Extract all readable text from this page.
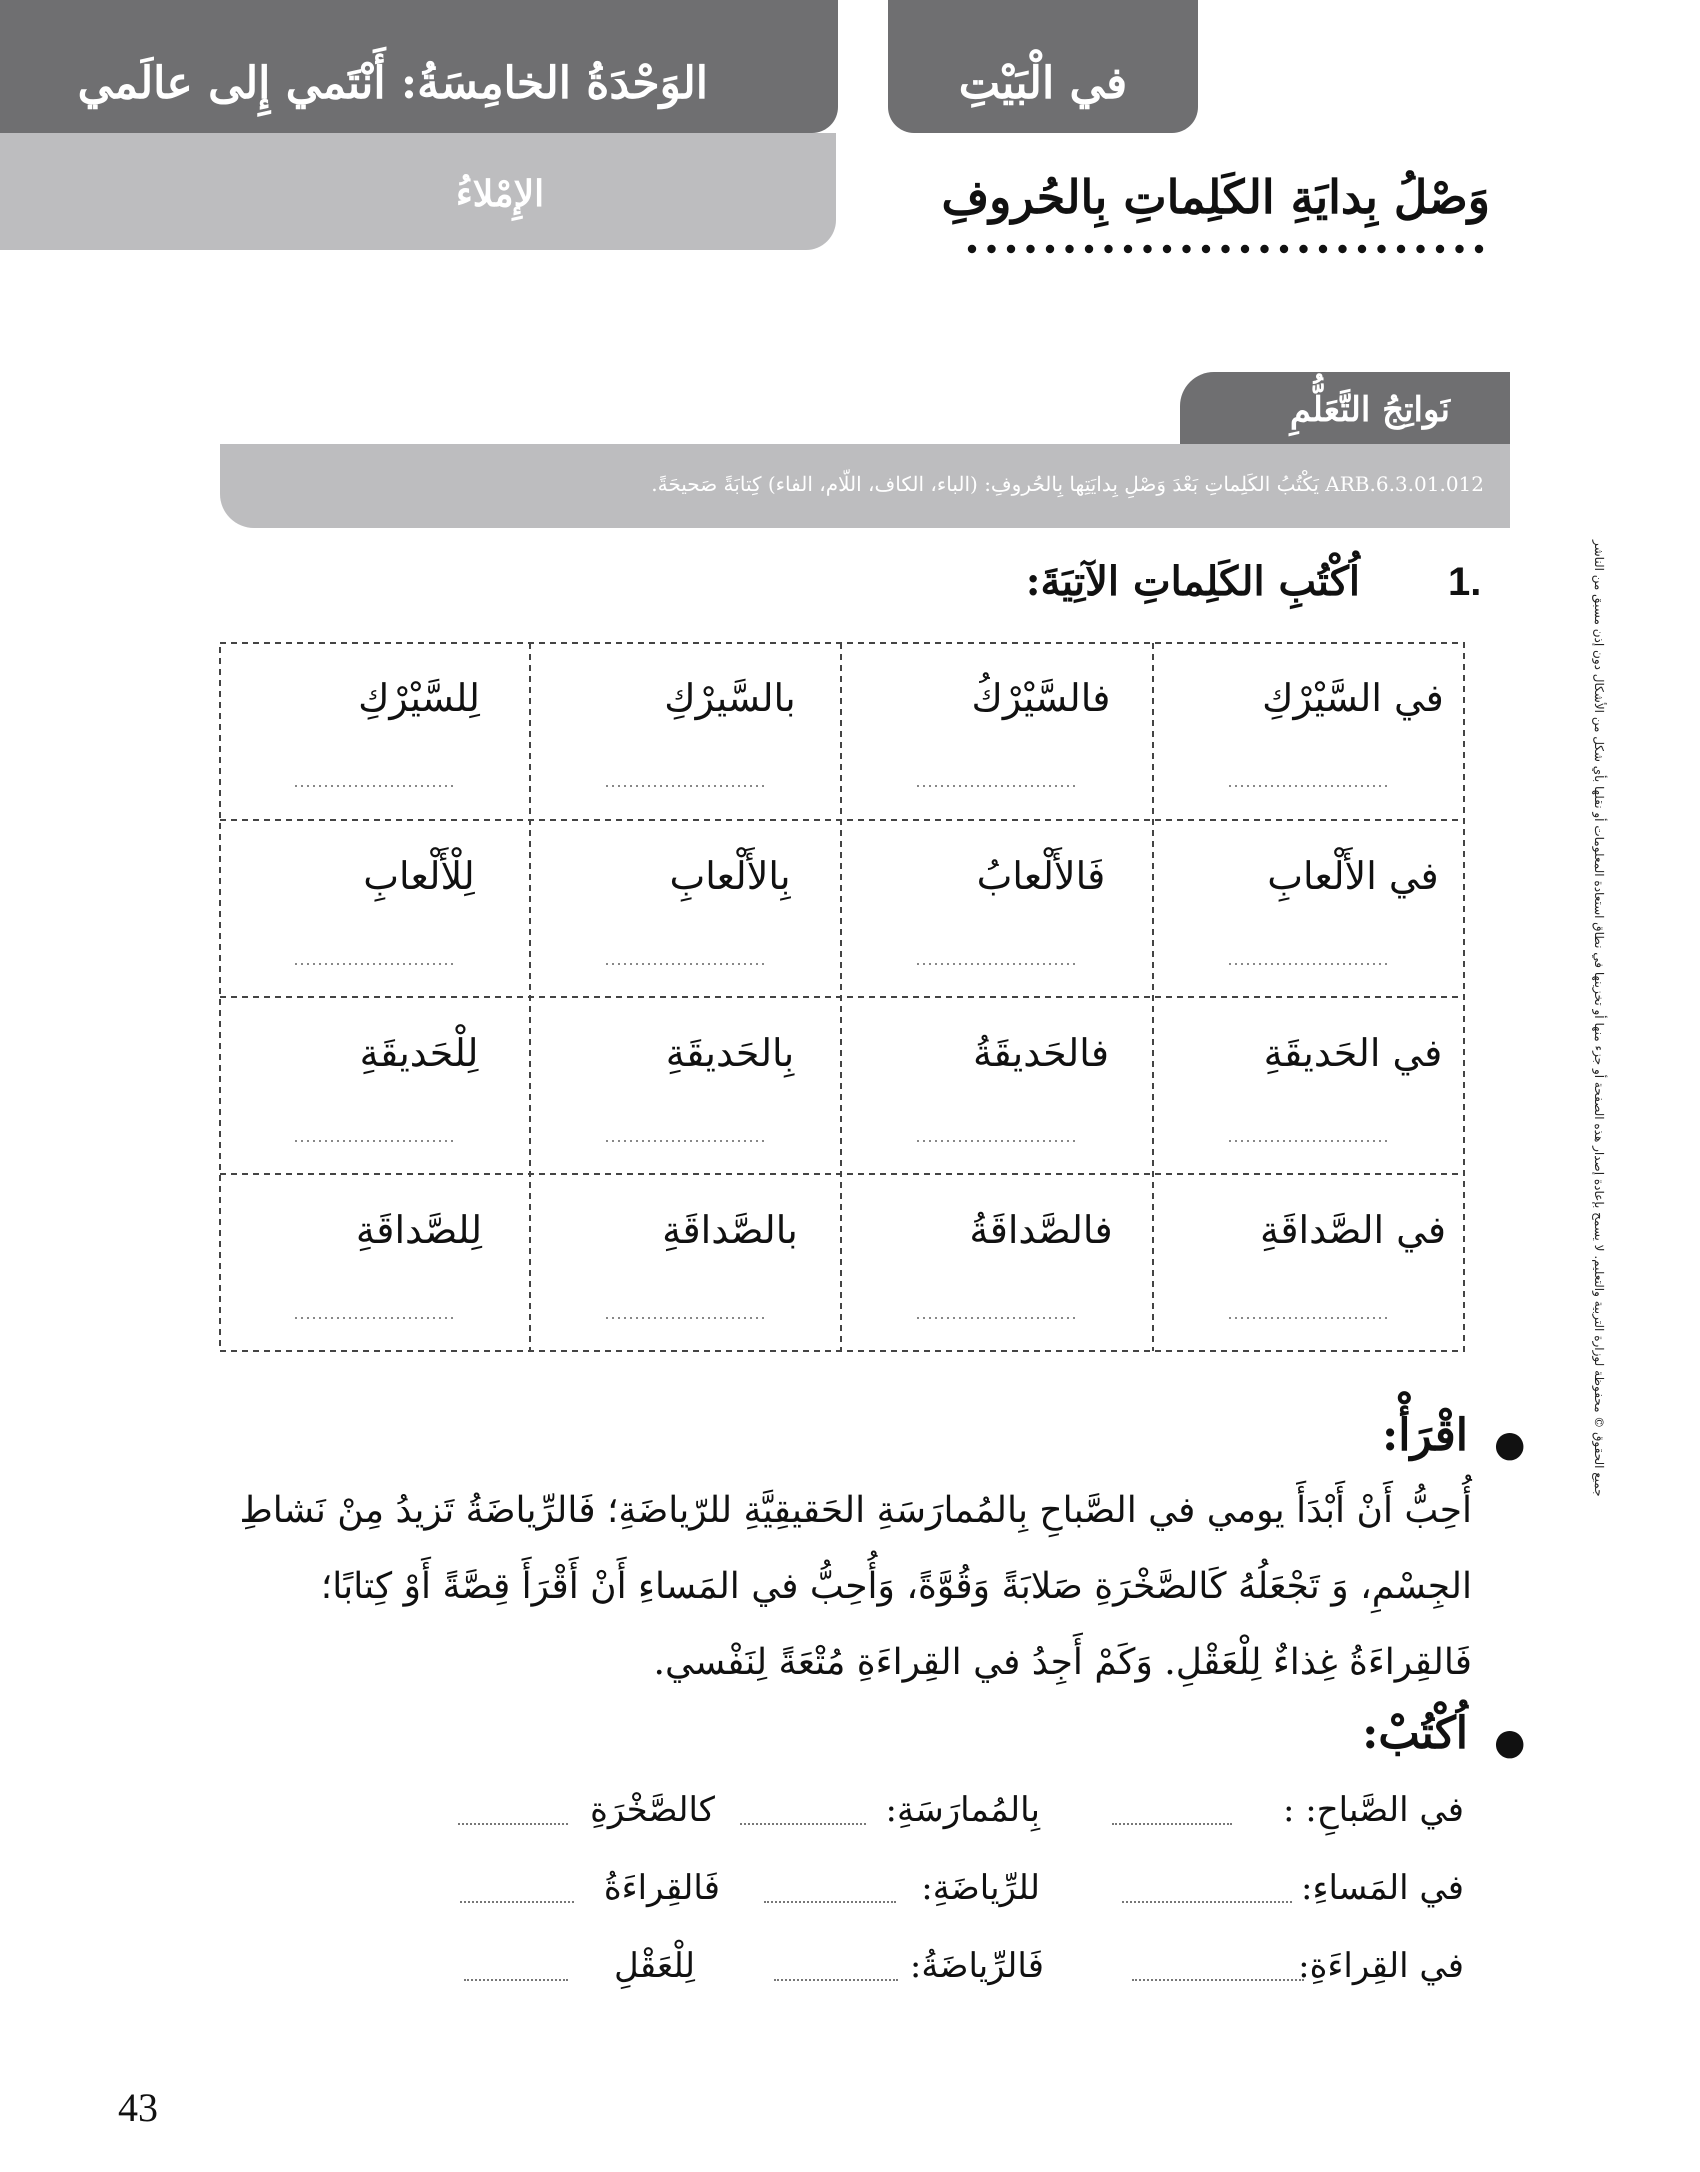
الوَحْدَةُ الخامِسَةُ: أَنْتَمي إِلى عالَمي
الإِمْلاءُ
في الْبَيْتِ
وَصْلُ بِدايَةِ الكَلِماتِ بِالحُروفِ
نَواتِجُ التَّعَلُّمِ
ARB.6.3.01.012 يَكْتُبُ الكَلِماتِ بَعْدَ وَصْلِ بِدايَتِها بِالحُروفِ: (الباء، الكاف، اللّام، الفاء) كِتابَةً صَحيحَةً.
1.
اُكْتُبِ الكَلِماتِ الآتِيَةَ:
في السَّيْرْكِ
فالسَّيْرْكُ
بالسَّيرْكِ
لِلسَّيْرْكِ
في الأَلْعابِ
فَالأَلْعابُ
بِالأَلْعابِ
لِلْأَلْعابِ
في الحَديقَةِ
فالحَديقَةُ
بِالحَديقَةِ
لِلْحَديقَةِ
في الصَّداقَةِ
فالصَّداقَةُ
بالصَّداقَةِ
لِلصَّداقَةِ
●
اقْرَأْ:
أُحِبُّ أَنْ أَبْدَأَ يومي في الصَّباحِ بِالمُمارَسَةِ الحَقيقِيَّةِ للرّياضَةِ؛ فَالرِّياضَةُ تَزيدُ مِنْ نَشاطِ
الجِسْمِ، وَ تَجْعَلُهُ كَالصَّخْرَةِ صَلابَةً وَقُوَّةً، وَأُحِبُّ في المَساءِ أَنْ أَقْرَأَ قِصَّةً أَوْ كِتابًا؛
فَالقِراءَةُ غِذاءٌ لِلْعَقْلِ. وَكَمْ أَجِدُ في القِراءَةِ مُتْعَةً لِنَفْسي.
●
اُكْتُبْ:
في الصَّباحِ: :
بِالمُمارَسَةِ:
كالصَّخْرَةِ
في المَساءِ:
للرِّياضَةِ:
فَالقِراءَةُ
في القِراءَةِ:
فَالرِّياضَةُ:
لِلْعَقْلِ
43
جميع الحقوق © محفوظة لوزارة التربية والتعليم. لا يسمح بإعادة إصدار هذه الصفحة أو جزء منها أو تخزينها في نطاق استعادة المعلومات أو نقلها بأي شكل من الأشكال دون إذن مسبق من الناشر
